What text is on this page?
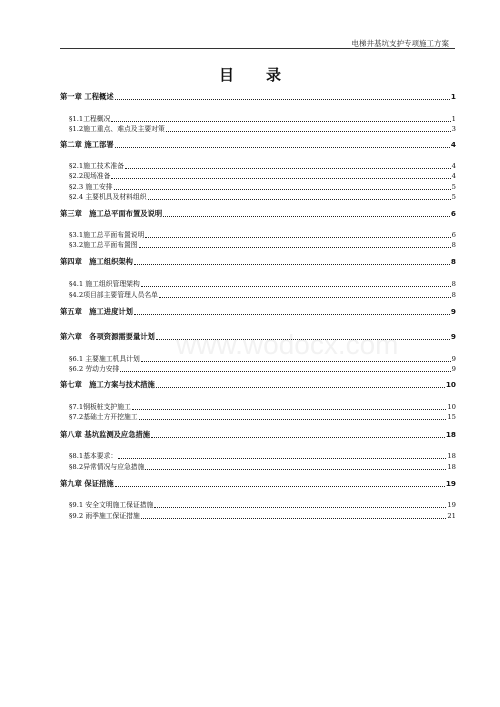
电梯井基坑支护专项施工方案
目 录
www.wodocx.com
第一章 工程概述	1
§1.1工程概况	1
§1.2施工重点、难点及主要对策	3
第二章 施工部署	4
§2.1施工技术准备	4
§2.2现场准备	4
§2.3 施工安排	5
§2.4 主要机具及材料组织	5
第三章　施工总平面布置及说明	6
§3.1施工总平面布置说明	6
§3.2施工总平面布置图	8
第四章　施工组织架构	8
§4.1 施工组织管理架构	8
§4.2项目部主要管理人员名单	8
第五章　施工进度计划	9
第六章　各项资源需要量计划	9
§6.1 主要施工机具计划	9
§6.2 劳动力安排	9
第七章　施工方案与技术措施	10
§7.1钢板桩支护施工	10
§7.2基础土方开挖施工	15
第八章 基坑监测及应急措施	18
§8.1基本要求：	18
§8.2异常情况与应急措施	18
第九章 保证措施	19
§9.1 安全文明施工保证措施	19
§9.2 雨季施工保证措施	21
